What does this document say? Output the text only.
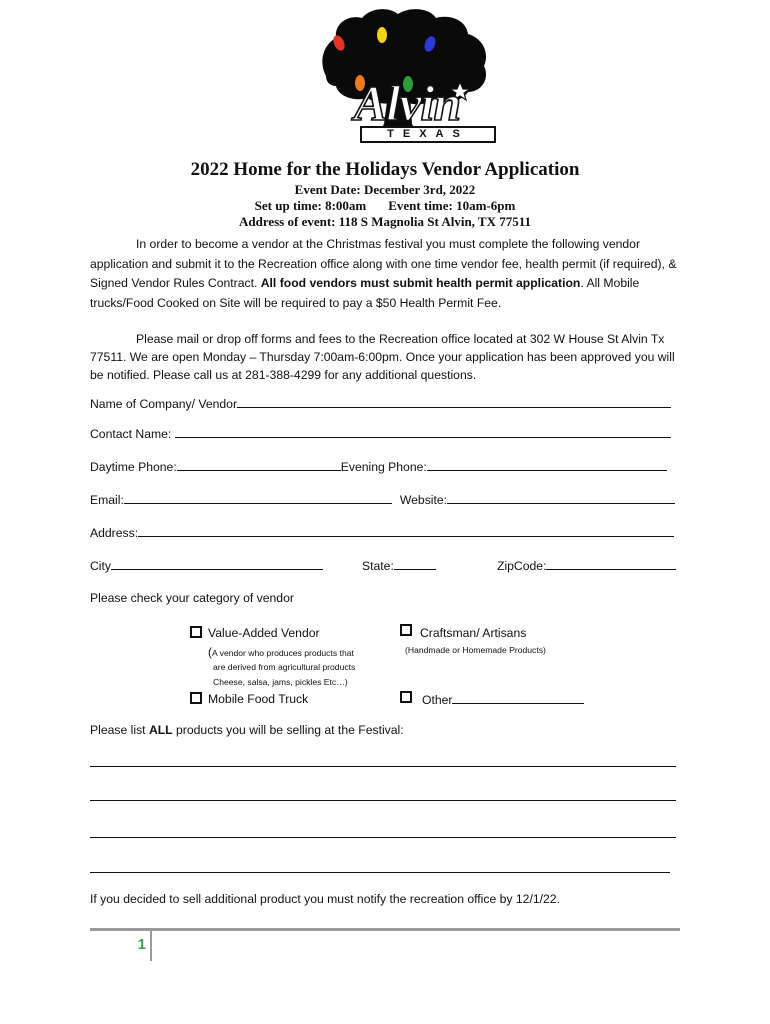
Alvin
TEXAS
2022 Home for the Holidays Vendor Application
Event Date: December 3rd, 2022
Set up time: 8:00am Event time: 10am-6pm
Address of event: 118 S Magnolia St Alvin, TX 77511
In order to become a vendor at the Christmas festival you must complete the following vendor application and submit it to the Recreation office along with one time vendor fee, health permit (if required), & Signed Vendor Rules Contract. All food vendors must submit health permit application. All Mobile trucks/Food Cooked on Site will be required to pay a $50 Health Permit Fee.
Please mail or drop off forms and fees to the Recreation office located at 302 W House St Alvin Tx 77511. We are open Monday – Thursday 7:00am-6:00pm. Once your application has been approved you will be notified. Please call us at 281-388-4299 for any additional questions.
Name of Company/ Vendor
Contact Name:
Daytime Phone:	Evening Phone:
Email:	Website:
Address:
City	State:	ZipCode:
Please check your category of vendor
Value-Added Vendor
(A vendor who produces products that
are derived from agricultural products
Cheese, salsa, jams, pickles Etc…)
Craftsman/ Artisans
(Handmade or Homemade Products)
Mobile Food Truck	Other
Please list ALL products you will be selling at the Festival:
If you decided to sell additional product you must notify the recreation office by 12/1/22.
1
